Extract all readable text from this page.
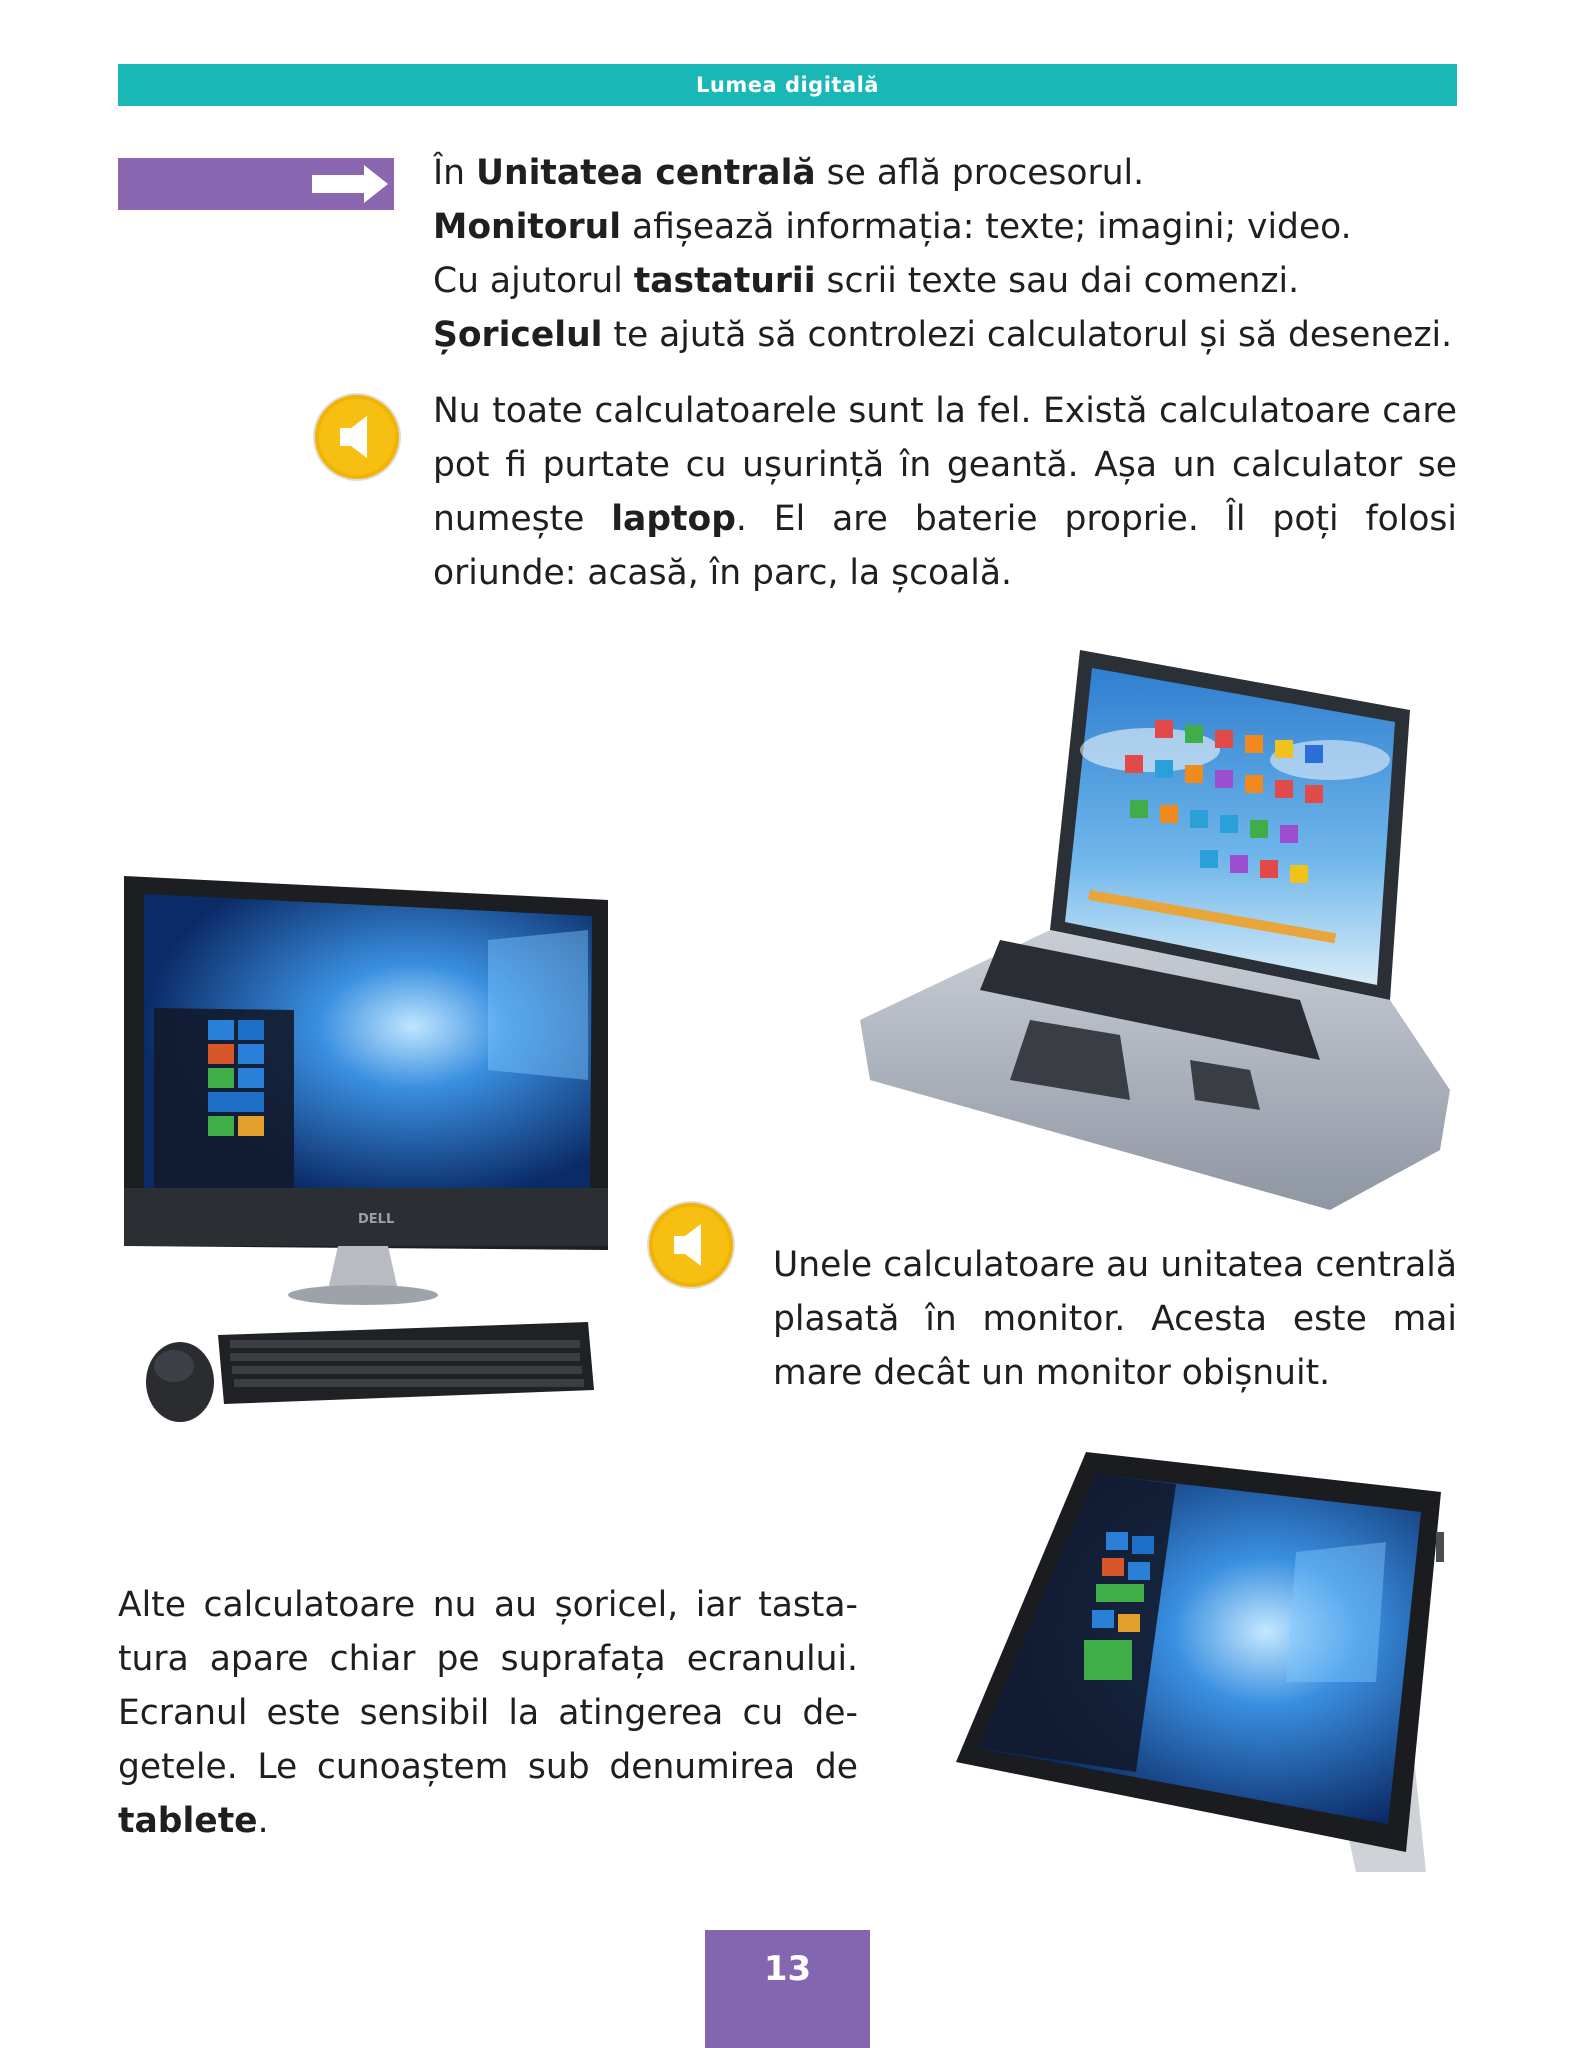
Lumea digitală
În Unitatea centrală se află procesorul.
Monitorul afișează informația: texte; imagini; video.
Cu ajutorul tastaturii scrii texte sau dai comenzi.
Șoricelul te ajută să controlezi calculatorul și să desenezi.
Nu toate calculatoarele sunt la fel. Există calculatoare care pot fi purtate cu ușurință în geantă. Așa un calculator se numește laptop. El are baterie proprie. Îl poți folosi oriunde: acasă, în parc, la școală.
DELL
Unele calculatoare au unitatea centrală plasată în monitor. Acesta este mai mare decât un monitor obișnuit.
Alte calculatoare nu au șoricel, iar tastatura apare chiar pe suprafața ecranului. Ecranul este sensibil la atingerea cu degetele. Le cunoaștem sub denumirea de tablete.
13
